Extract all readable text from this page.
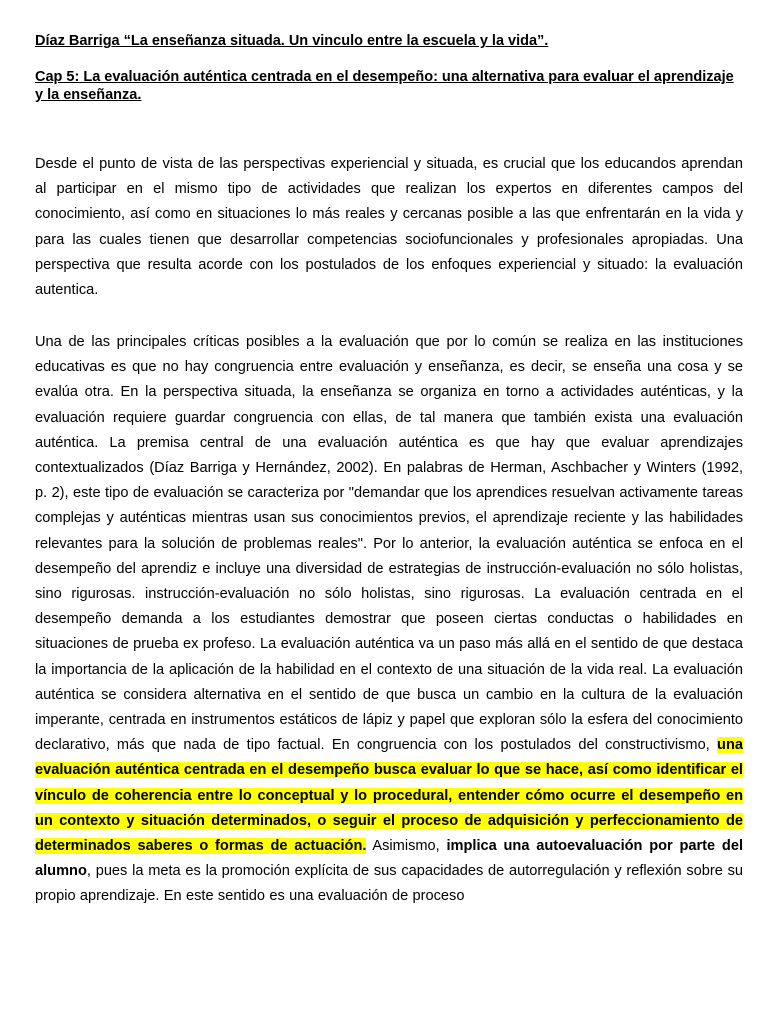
Díaz Barriga “La enseñanza situada. Un vinculo entre la escuela y la vida”.

Cap 5: La evaluación auténtica centrada en el desempeño: una alternativa para evaluar el aprendizaje y la enseñanza.

Desde el punto de vista de las perspectivas experiencial y situada, es crucial que los educandos aprendan al participar en el mismo tipo de actividades que realizan los expertos en diferentes campos del conocimiento, así como en situaciones lo más reales y cercanas posible a las que enfrentarán en la vida y para las cuales tienen que desarrollar competencias sociofuncionales y profesionales apropiadas. Una perspectiva que resulta acorde con los postulados de los enfoques experiencial y situado: la evaluación autentica.

Una de las principales críticas posibles a la evaluación que por lo común se realiza en las instituciones educativas es que no hay congruencia entre evaluación y enseñanza, es decir, se enseña una cosa y se evalúa otra. En la perspectiva situada, la enseñanza se organiza en torno a actividades auténticas, y la evaluación requiere guardar congruencia con ellas, de tal manera que también exista una evaluación auténtica. La premisa central de una evaluación auténtica es que hay que evaluar aprendizajes contextualizados (Díaz Barriga y Hernández, 2002). En palabras de Herman, Aschbacher y Winters (1992, p. 2), este tipo de evaluación se caracteriza por "demandar que los aprendices resuelvan activamente tareas complejas y auténticas mientras usan sus conocimientos previos, el aprendizaje reciente y las habilidades relevantes para la solución de problemas reales". Por lo anterior, la evaluación auténtica se enfoca en el desempeño del aprendiz e incluye una diversidad de estrategias de instrucción-evaluación no sólo holistas, sino rigurosas. instrucción-evaluación no sólo holistas, sino rigurosas. La evaluación centrada en el desempeño demanda a los estudiantes demostrar que poseen ciertas conductas o habilidades en situaciones de prueba ex profeso. La evaluación auténtica va un paso más allá en el sentido de que destaca la importancia de la aplicación de la habilidad en el contexto de una situación de la vida real. La evaluación auténtica se considera alternativa en el sentido de que busca un cambio en la cultura de la evaluación imperante, centrada en instrumentos estáticos de lápiz y papel que exploran sólo la esfera del conocimiento declarativo, más que nada de tipo factual. En congruencia con los postulados del constructivismo, una evaluación auténtica centrada en el desempeño busca evaluar lo que se hace, así como identificar el vínculo de coherencia entre lo conceptual y lo procedural, entender cómo ocurre el desempeño en un contexto y situación determinados, o seguir el proceso de adquisición y perfeccionamiento de determinados saberes o formas de actuación. Asimismo, implica una autoevaluación por parte del alumno, pues la meta es la promoción explícita de sus capacidades de autorregulación y reflexión sobre su propio aprendizaje. En este sentido es una evaluación de proceso
